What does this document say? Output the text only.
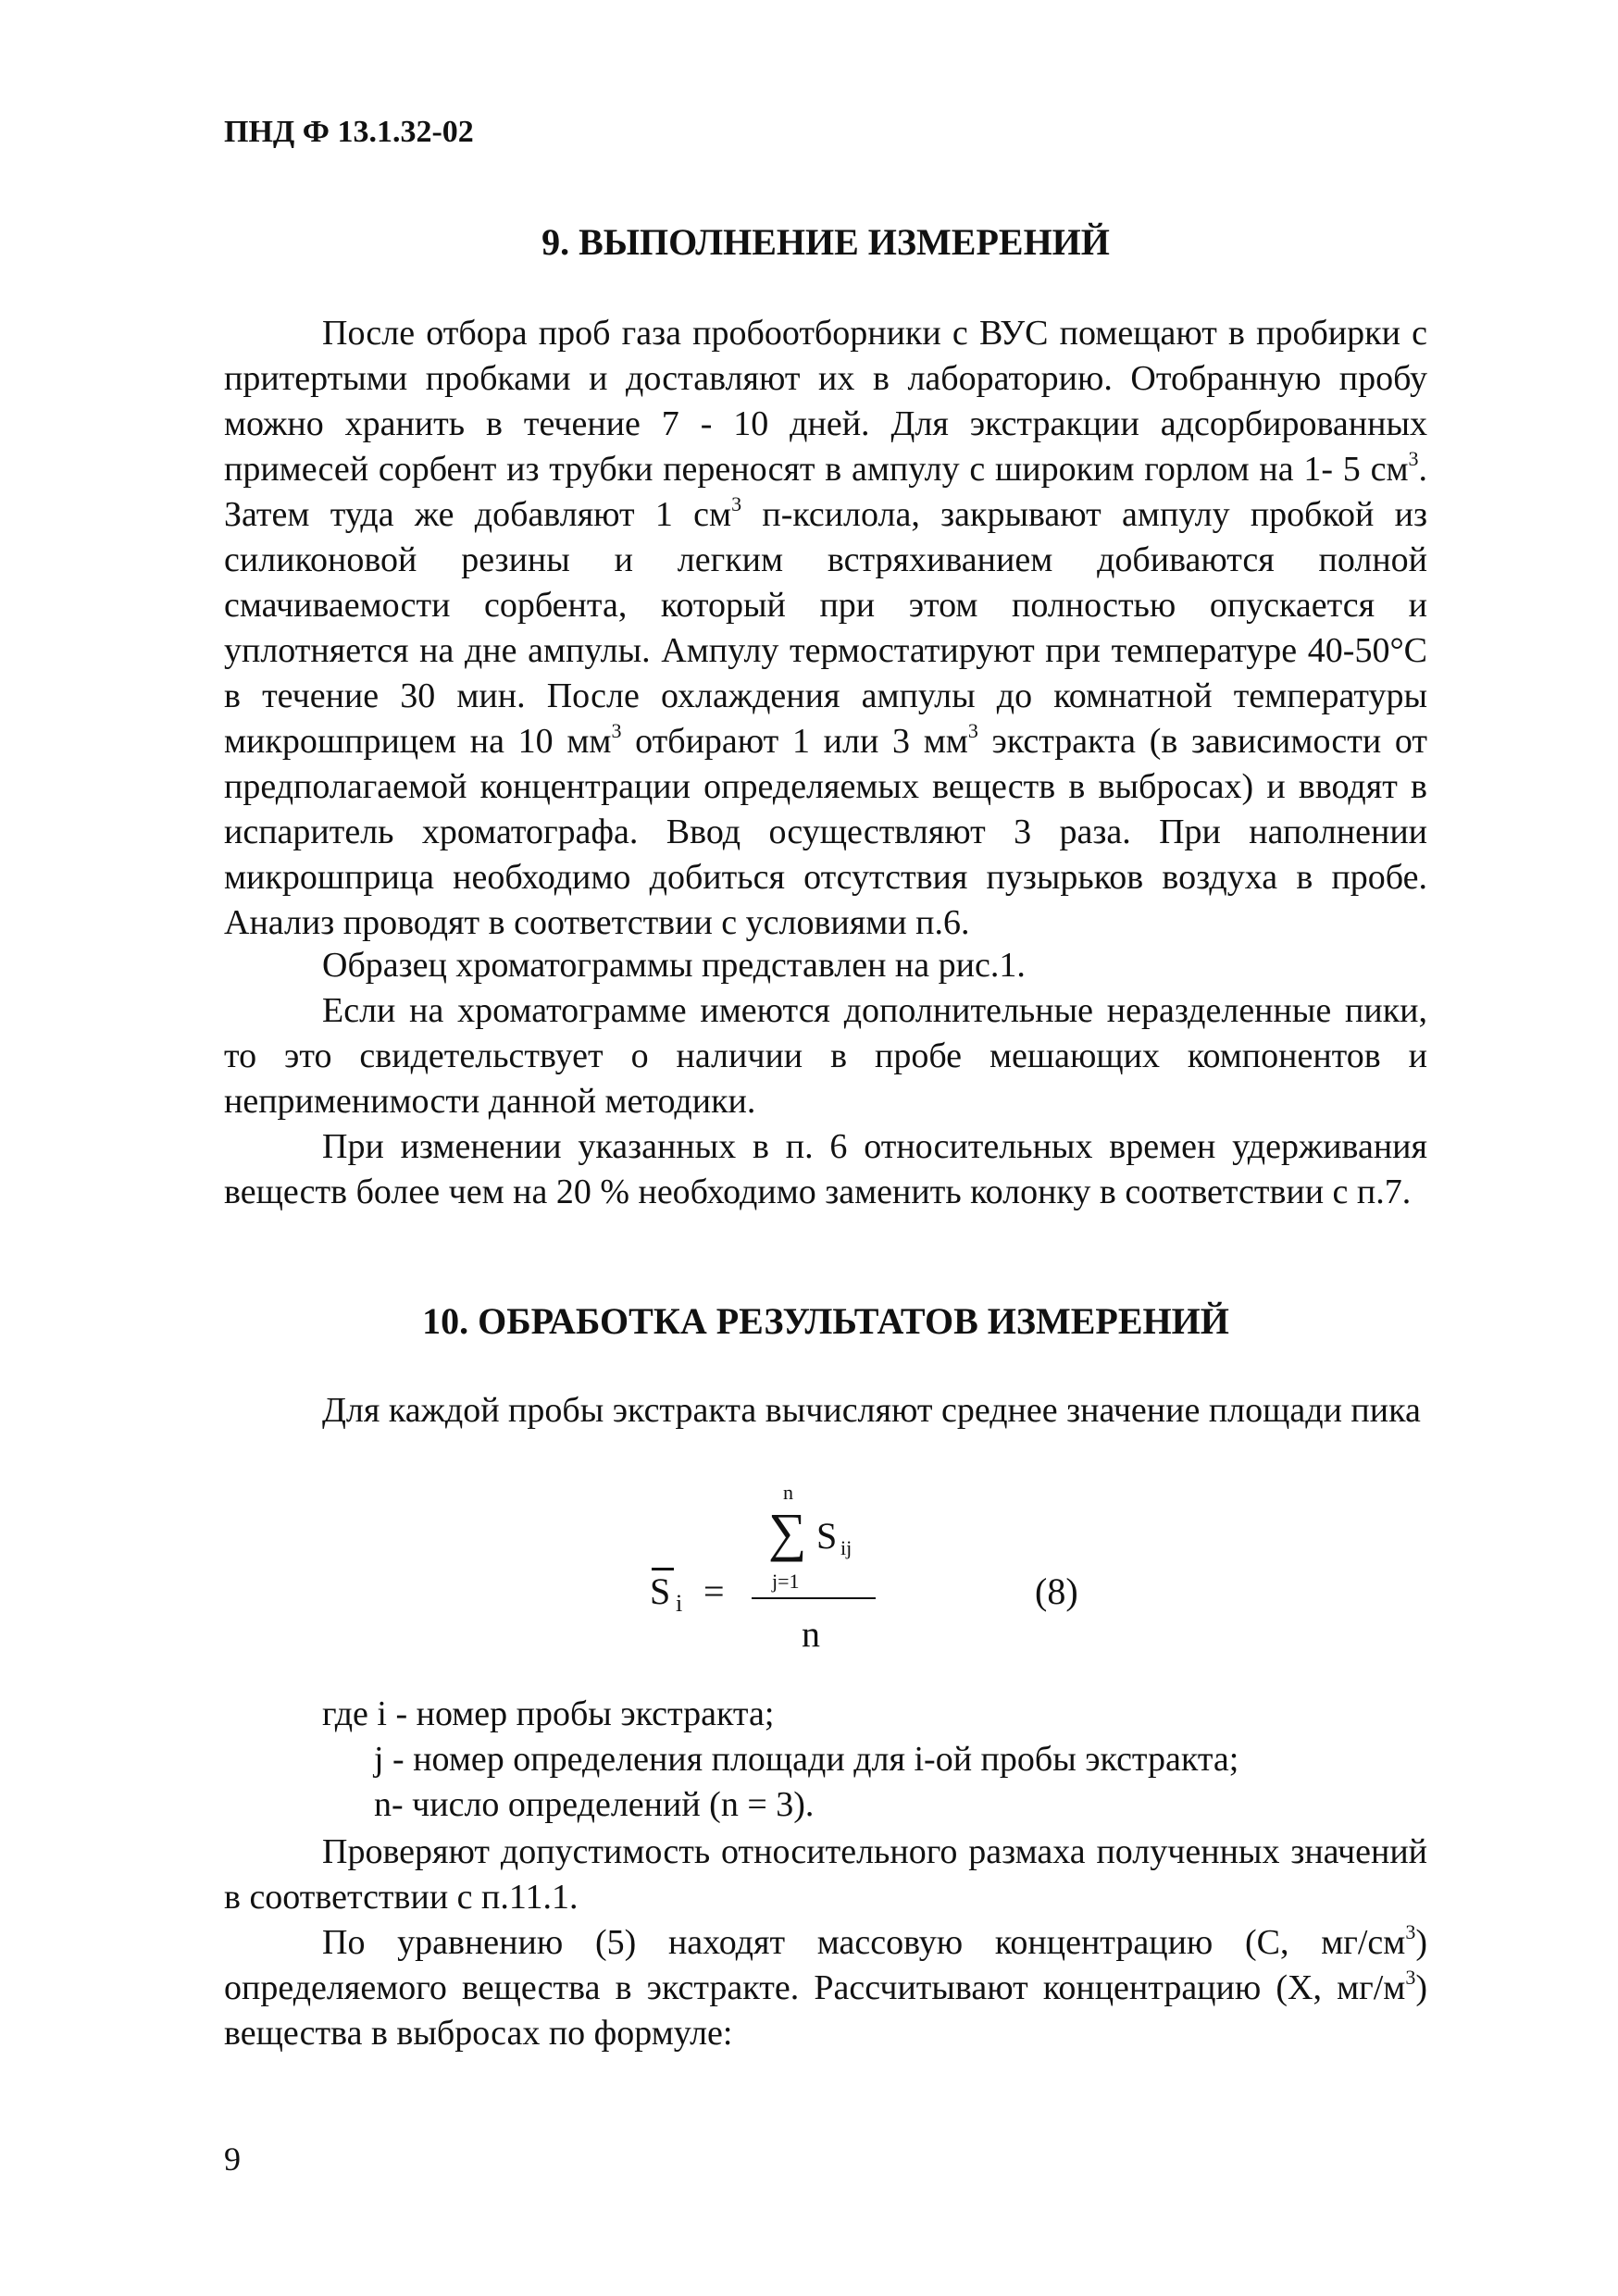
ПНД Ф 13.1.32-02
9. ВЫПОЛНЕНИЕ ИЗМЕРЕНИЙ
После отбора проб газа пробоотборники с ВУС помещают в пробирки с притертыми пробками и доставляют их в лабораторию. Отобранную пробу можно хранить в течение 7 - 10 дней. Для экстракции адсорбированных примесей сорбент из трубки переносят в ампулу с широким горлом на 1- 5 $см^3$. Затем туда же добавляют 1 $см^3$ п-ксилола, закрывают ампулу пробкой из силиконовой резины и легким встряхиванием добиваются полной смачиваемости сорбента, который при этом полностью опускается и уплотняется на дне ампулы. Ампулу термостатируют при температуре 40-50°С в течение 30 мин. После охлаждения ампулы до комнатной температуры микрошприцем на 10 $мм^3$ отбирают 1 или 3 $мм^3$ экстракта (в зависимости от предполагаемой концентрации определяемых веществ в выбросах) и вводят в испаритель хроматографа. Ввод осуществляют 3 раза. При наполнении микрошприца необходимо добиться отсутствия пузырьков воздуха в пробе. Анализ проводят в соответствии с условиями п.6.
Образец хроматограммы представлен на рис.1.
Если на хроматограмме имеются дополнительные неразделенные пики, то это свидетельствует о наличии в пробе мешающих компонентов и неприменимости данной методики.
При изменении указанных в п. 6 относительных времен удерживания веществ более чем на 20 % необходимо заменить колонку в соответствии с п.7.
10. ОБРАБОТКА РЕЗУЛЬТАТОВ ИЗМЕРЕНИЙ
Для каждой пробы экстракта вычисляют среднее значение площади пика
S i =
n
∑ S ij
j=1
n
(8)
где i - номер пробы экстракта;
j - номер определения площади для i-ой пробы экстракта;
n- число определений (n = 3).
Проверяют допустимость относительного размаха полученных значений в соответствии с п.11.1.
По уравнению (5) находят массовую концентрацию (С, $мг/см^3$) определяемого вещества в экстракте. Рассчитывают концентрацию (Х, $мг/м^3$) вещества в выбросах по формуле:
9
